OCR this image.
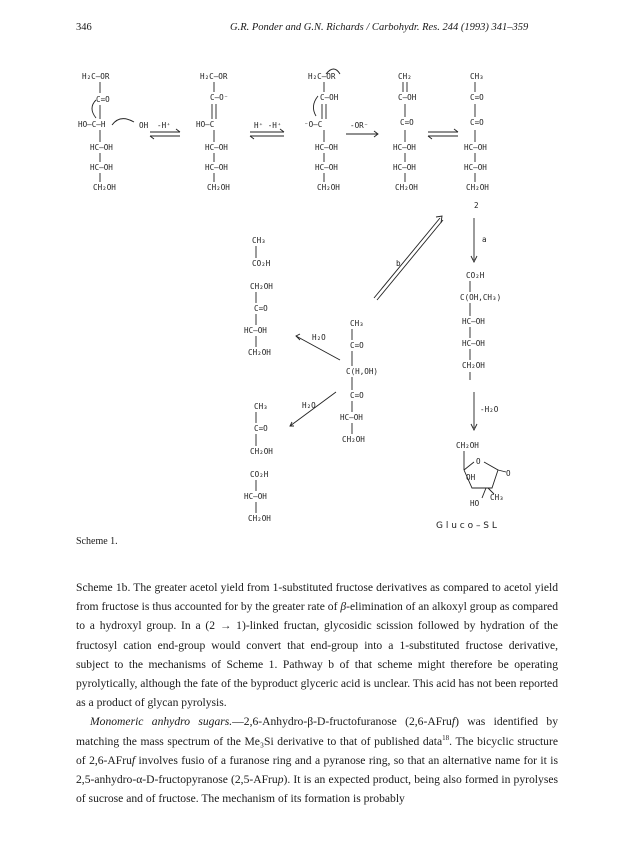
346	G.R. Ponder and G.N. Richards / Carbohydr. Res. 244 (1993) 341–359
H₂C—OR
C=O
HO—C—H
HC—OH
HC—OH
CH₂OH
OH -H⁺
H₂C—OR
C—O⁻
HO—C
HC—OH
HC—OH
CH₂OH
H⁺ -H⁺
H₂C—OR
C—OH
⁻O—C
HC—OH
HC—OH
CH₂OH
-OR⁻
CH₂
C—OH
C=O
HC—OH
HC—OH
CH₂OH
CH₃
C=O
C=O
HC—OH
HC—OH
CH₂OH
2
a
b
CH₃
CO₂H
CH₂OH
C=O
HC—OH
CH₂OH
H₂O
CH₃
C=O
C(H,OH)
C=O
HC—OH
CH₂OH
H₂O
CH₃
C=O
CH₂OH
CO₂H
HC—OH
CH₂OH
CO₂H
C(OH,CH₃)
HC—OH
HC—OH
CH₂OH
-H₂O
CH₂OH
O
OH	O
HO
CH₃
G l u c o – S L
Scheme 1.

Scheme 1b. The greater acetol yield from 1-substituted fructose derivatives as compared to acetol yield from fructose is thus accounted for by the greater rate of β-elimination of an alkoxyl group as compared to a hydroxyl group. In a (2 → 1)-linked fructan, glycosidic scission followed by hydration of the fructosyl cation end-group would convert that end-group into a 1-substituted fructose derivative, subject to the mechanisms of Scheme 1. Pathway b of that scheme might therefore be operating pyrolytically, although the fate of the byproduct glyceric acid is unclear. This acid has not been reported as a product of glycan pyrolysis.

Monomeric anhydro sugars.—2,6-Anhydro-β-D-fructofuranose (2,6-AFruf) was identified by matching the mass spectrum of the Me₃Si derivative to that of published data$^{18}$. The bicyclic structure of 2,6-AFruf involves fusio of a furanose ring and a pyranose ring, so that an alternative name for it is 2,5-anhydro-α-D-fructopyranose (2,5-AFrup). It is an expected product, being also formed in pyrolyses of sucrose and of fructose. The mechanism of its formation is probably
